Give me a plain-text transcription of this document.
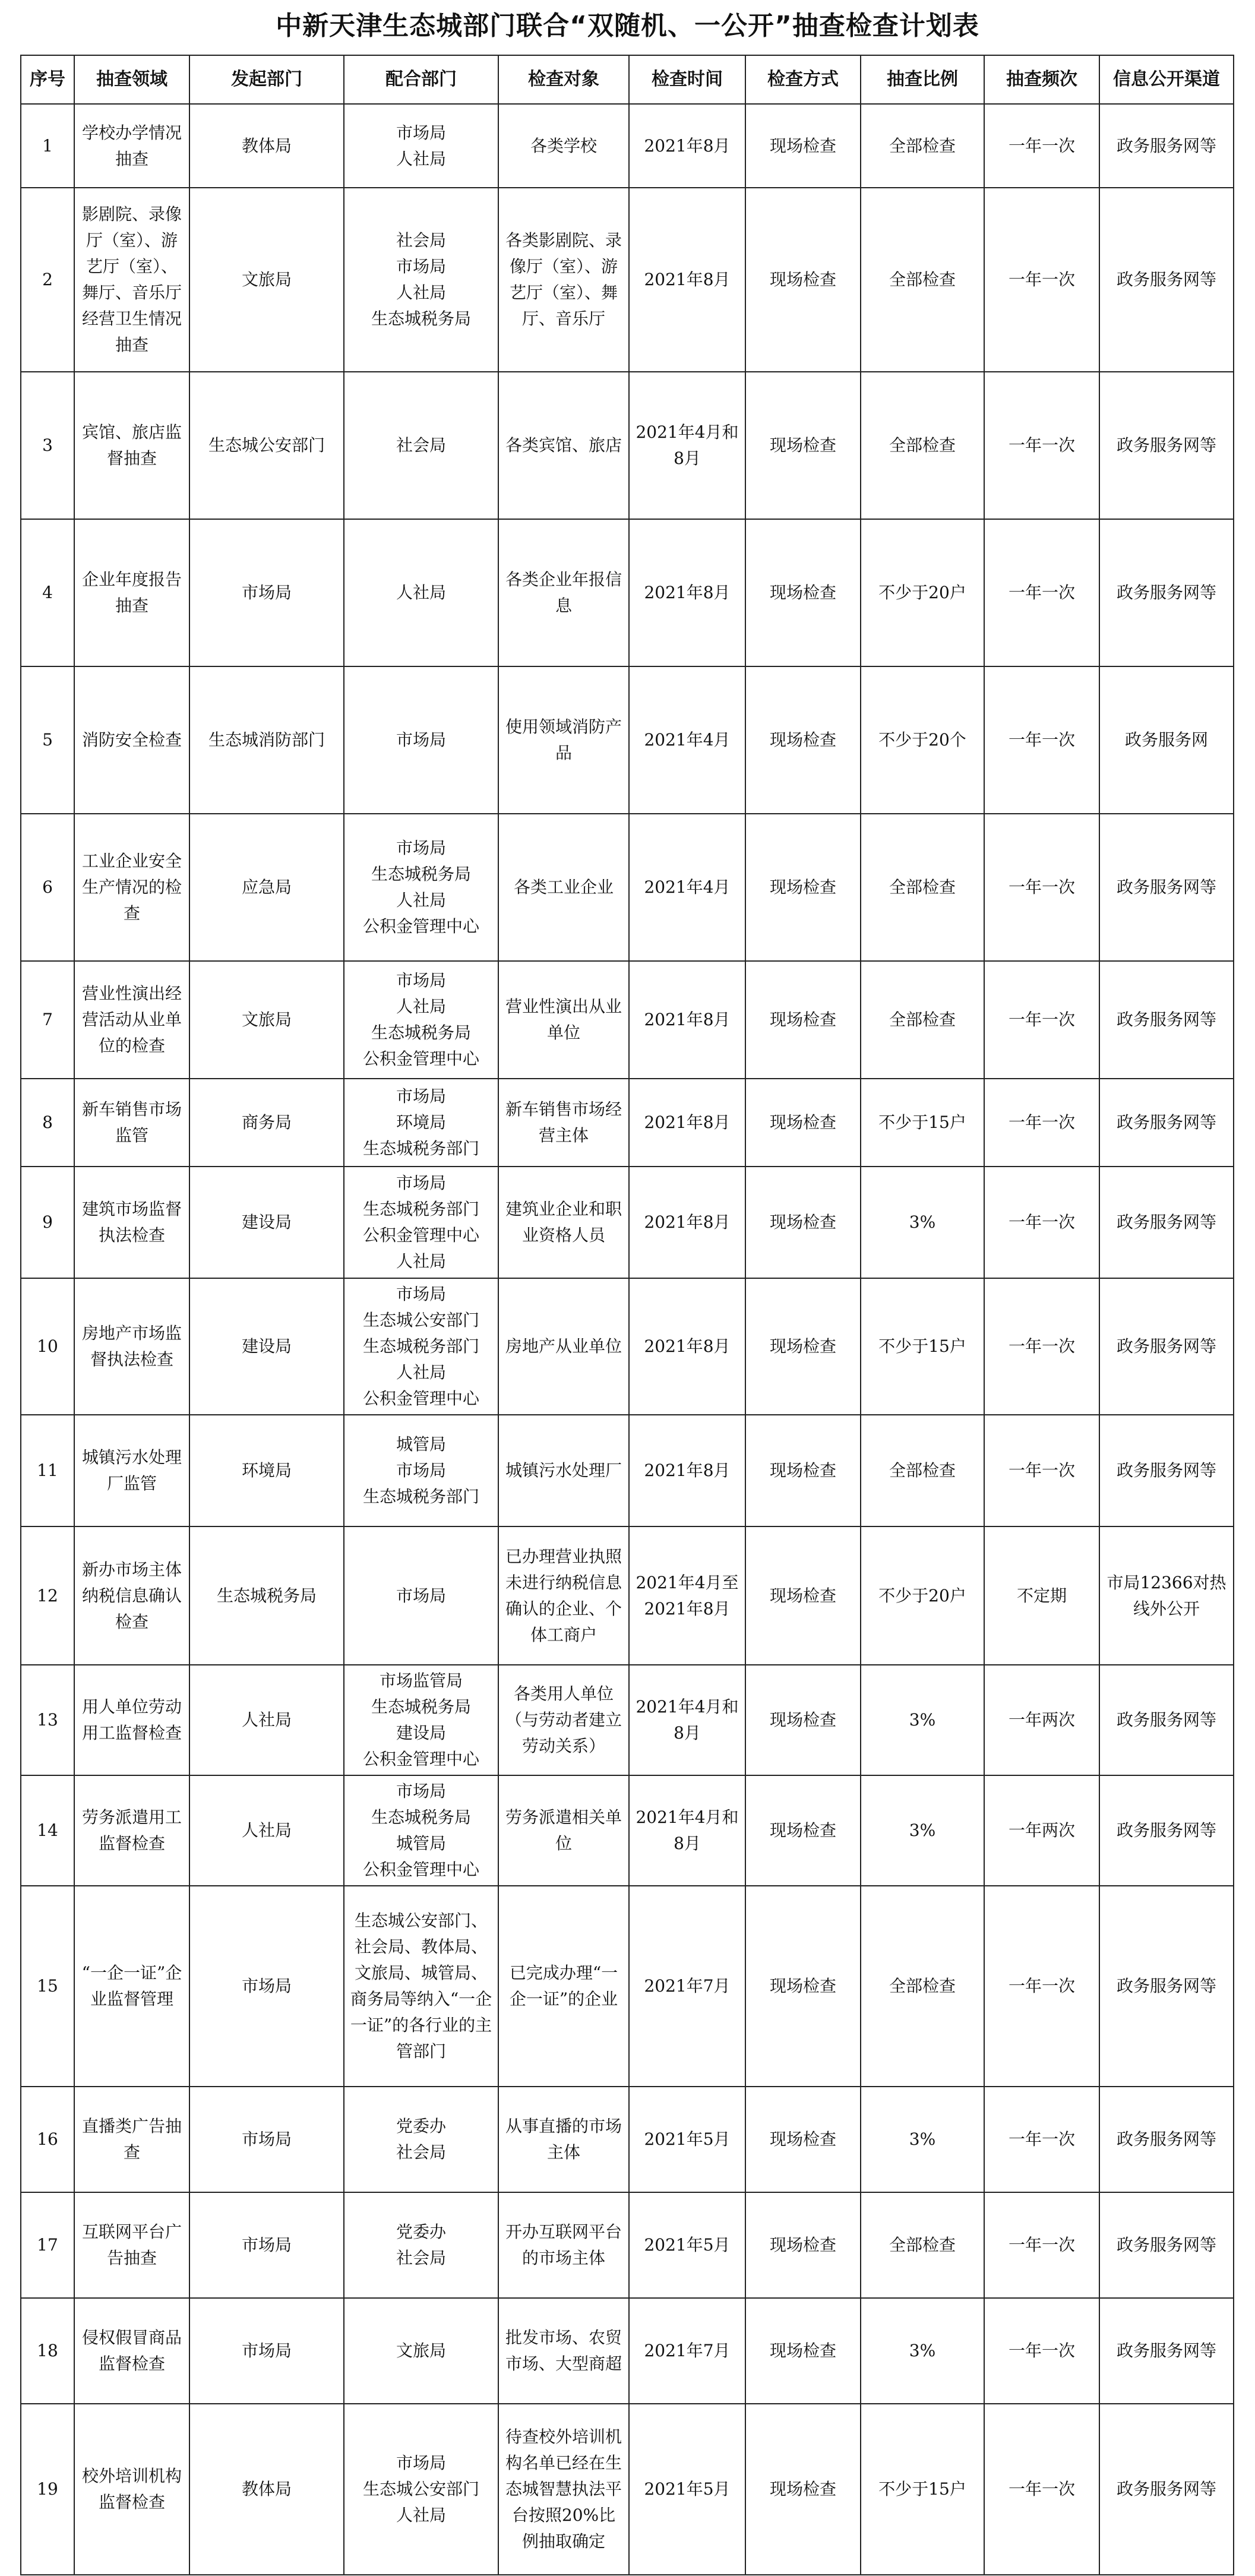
中新天津生态城部门联合“双随机、一公开”抽查检查计划表
序号	抽查领域	发起部门	配合部门	检查对象	检查时间	检查方式	抽查比例	抽查频次	信息公开渠道
1	学校办学情况抽查	教体局	市场局
人社局	各类学校	2021年8月	现场检查	全部检查	一年一次	政务服务网等
2	影剧院、录像厅（室）、游艺厅（室）、舞厅、音乐厅经营卫生情况抽查	文旅局	社会局
市场局
人社局
生态城税务局	各类影剧院、录像厅（室）、游艺厅（室）、舞厅、音乐厅	2021年8月	现场检查	全部检查	一年一次	政务服务网等
3	宾馆、旅店监督抽查	生态城公安部门	社会局	各类宾馆、旅店	2021年4月和8月	现场检查	全部检查	一年一次	政务服务网等
4	企业年度报告抽查	市场局	人社局	各类企业年报信息	2021年8月	现场检查	不少于20户	一年一次	政务服务网等
5	消防安全检查	生态城消防部门	市场局	使用领域消防产品	2021年4月	现场检查	不少于20个	一年一次	政务服务网
6	工业企业安全生产情况的检查	应急局	市场局
生态城税务局
人社局
公积金管理中心	各类工业企业	2021年4月	现场检查	全部检查	一年一次	政务服务网等
7	营业性演出经营活动从业单位的检查	文旅局	市场局
人社局
生态城税务局
公积金管理中心	营业性演出从业单位	2021年8月	现场检查	全部检查	一年一次	政务服务网等
8	新车销售市场监管	商务局	市场局
环境局
生态城税务部门	新车销售市场经营主体	2021年8月	现场检查	不少于15户	一年一次	政务服务网等
9	建筑市场监督执法检查	建设局	市场局
生态城税务部门
公积金管理中心
人社局	建筑业企业和职业资格人员	2021年8月	现场检查	3%	一年一次	政务服务网等
10	房地产市场监督执法检查	建设局	市场局
生态城公安部门
生态城税务部门
人社局
公积金管理中心	房地产从业单位	2021年8月	现场检查	不少于15户	一年一次	政务服务网等
11	城镇污水处理厂监管	环境局	城管局
市场局
生态城税务部门	城镇污水处理厂	2021年8月	现场检查	全部检查	一年一次	政务服务网等
12	新办市场主体纳税信息确认检查	生态城税务局	市场局	已办理营业执照未进行纳税信息确认的企业、个体工商户	2021年4月至2021年8月	现场检查	不少于20户	不定期	市局12366对热线外公开
13	用人单位劳动用工监督检查	人社局	市场监管局
生态城税务局
建设局
公积金管理中心	各类用人单位（与劳动者建立劳动关系）	2021年4月和8月	现场检查	3%	一年两次	政务服务网等
14	劳务派遣用工监督检查	人社局	市场局
生态城税务局
城管局
公积金管理中心	劳务派遣相关单位	2021年4月和8月	现场检查	3%	一年两次	政务服务网等
15	“一企一证”企业监督管理	市场局	生态城公安部门、社会局、教体局、文旅局、城管局、商务局等纳入“一企一证”的各行业的主管部门	已完成办理“一企一证”的企业	2021年7月	现场检查	全部检查	一年一次	政务服务网等
16	直播类广告抽查	市场局	党委办
社会局	从事直播的市场主体	2021年5月	现场检查	3%	一年一次	政务服务网等
17	互联网平台广告抽查	市场局	党委办
社会局	开办互联网平台的市场主体	2021年5月	现场检查	全部检查	一年一次	政务服务网等
18	侵权假冒商品监督检查	市场局	文旅局	批发市场、农贸市场、大型商超	2021年7月	现场检查	3%	一年一次	政务服务网等
19	校外培训机构监督检查	教体局	市场局
生态城公安部门
人社局	待查校外培训机构名单已经在生态城智慧执法平台按照20%比例抽取确定	2021年5月	现场检查	不少于15户	一年一次	政务服务网等
